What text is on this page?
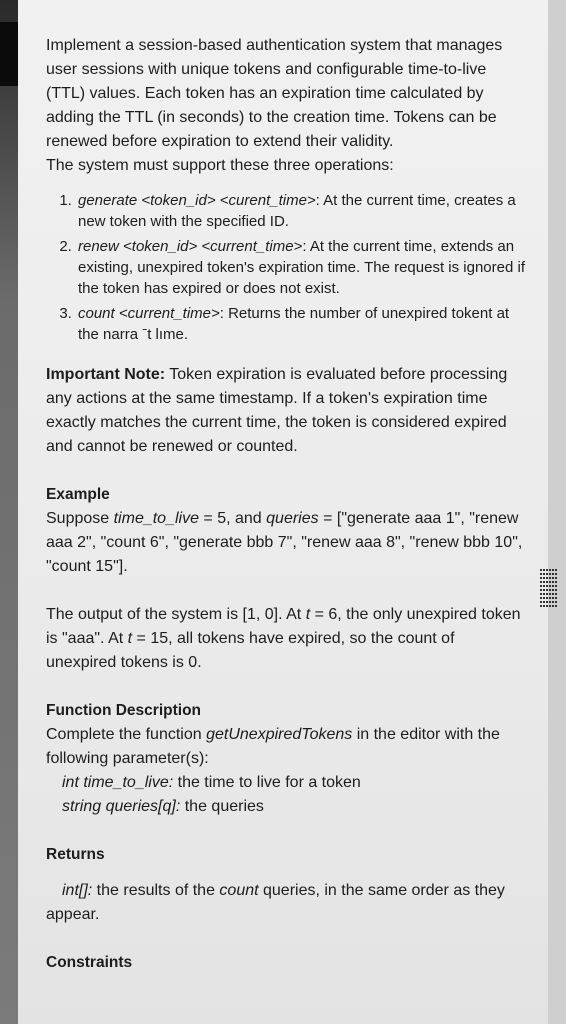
Implement a session-based authentication system that manages user sessions with unique tokens and configurable time-to-live (TTL) values. Each token has an expiration time calculated by adding the TTL (in seconds) to the creation time. Tokens can be renewed before expiration to extend their validity.

The system must support these three operations:

1. generate <token_id> <curent_time>: At the current time, creates a new token with the specified ID.
2. renew <token_id> <current_time>: At the current time, extends an existing, unexpired token's expiration time. The request is ignored if the token has expired or does not exist.
3. count <current_time>: Returns the number of unexpired tokent at the narra ˉt lıme.

Important Note: Token expiration is evaluated before processing any actions at the same timestamp. If a token's expiration time exactly matches the current time, the token is considered expired and cannot be renewed or counted.

Example

Suppose time_to_live = 5, and queries = ["generate aaa 1", "renew aaa 2", "count 6", "generate bbb 7", "renew aaa 8", "renew bbb 10", "count 15"].

The output of the system is [1, 0]. At t = 6, the only unexpired token is "aaa". At t = 15, all tokens have expired, so the count of unexpired tokens is 0.

Function Description

Complete the function getUnexpiredTokens in the editor with the following parameter(s):

int time_to_live: the time to live for a token

string queries[q]: the queries

Returns

int[]: the results of the count queries, in the same order as they appear.

Constraints
